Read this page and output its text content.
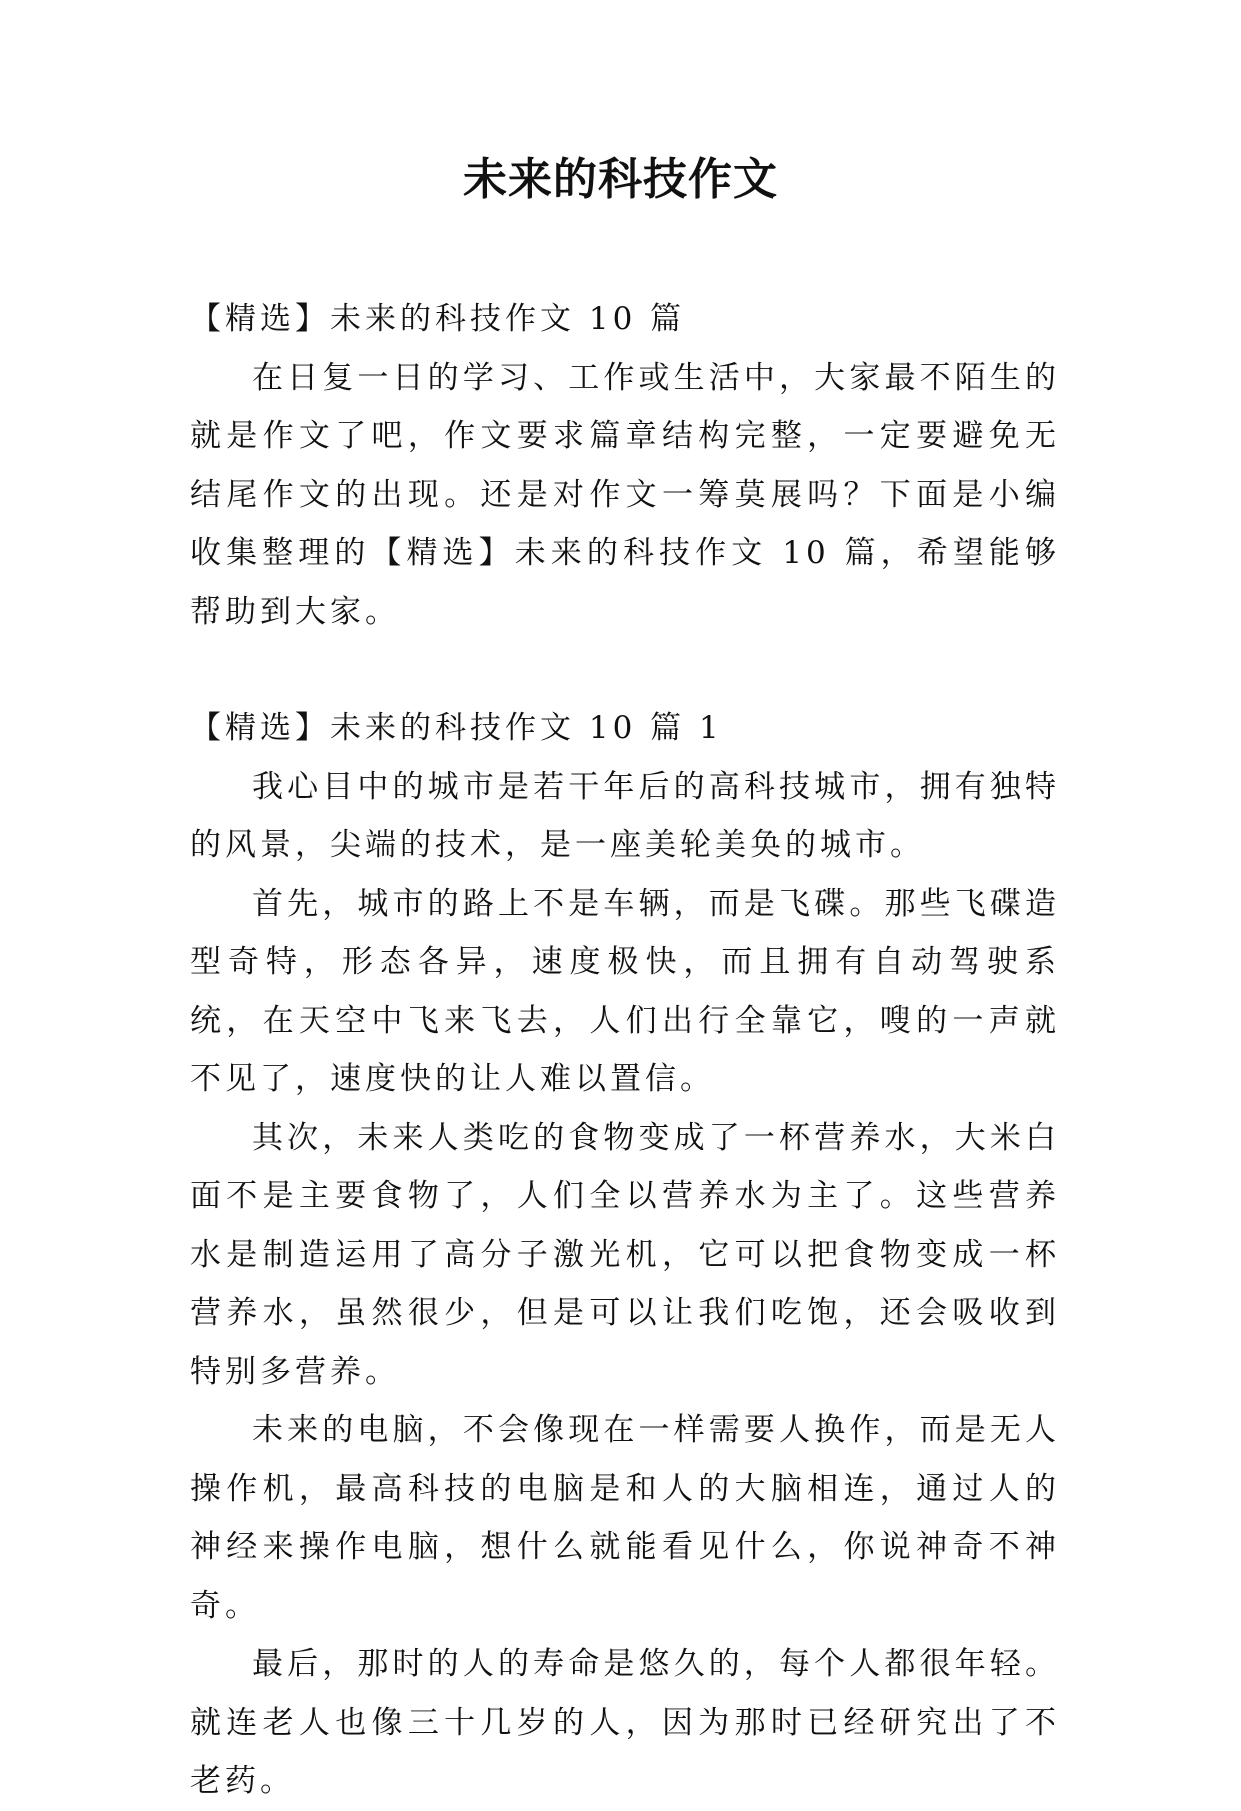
未来的科技作文

【精选】未来的科技作文 10 篇

在日复一日的学习、工作或生活中，大家最不陌生的就是作文了吧，作文要求篇章结构完整，一定要避免无结尾作文的出现。还是对作文一筹莫展吗？下面是小编收集整理的【精选】未来的科技作文 10 篇，希望能够帮助到大家。

【精选】未来的科技作文 10 篇 1

我心目中的城市是若干年后的高科技城市，拥有独特的风景，尖端的技术，是一座美轮美奂的城市。

首先，城市的路上不是车辆，而是飞碟。那些飞碟造型奇特，形态各异，速度极快，而且拥有自动驾驶系统，在天空中飞来飞去，人们出行全靠它，嗖的一声就不见了，速度快的让人难以置信。

其次，未来人类吃的食物变成了一杯营养水，大米白面不是主要食物了，人们全以营养水为主了。这些营养水是制造运用了高分子激光机，它可以把食物变成一杯营养水，虽然很少，但是可以让我们吃饱，还会吸收到特别多营养。

未来的电脑，不会像现在一样需要人换作，而是无人操作机，最高科技的电脑是和人的大脑相连，通过人的神经来操作电脑，想什么就能看见什么，你说神奇不神奇。

最后，那时的人的寿命是悠久的，每个人都很年轻。就连老人也像三十几岁的人，因为那时已经研究出了不老药。
